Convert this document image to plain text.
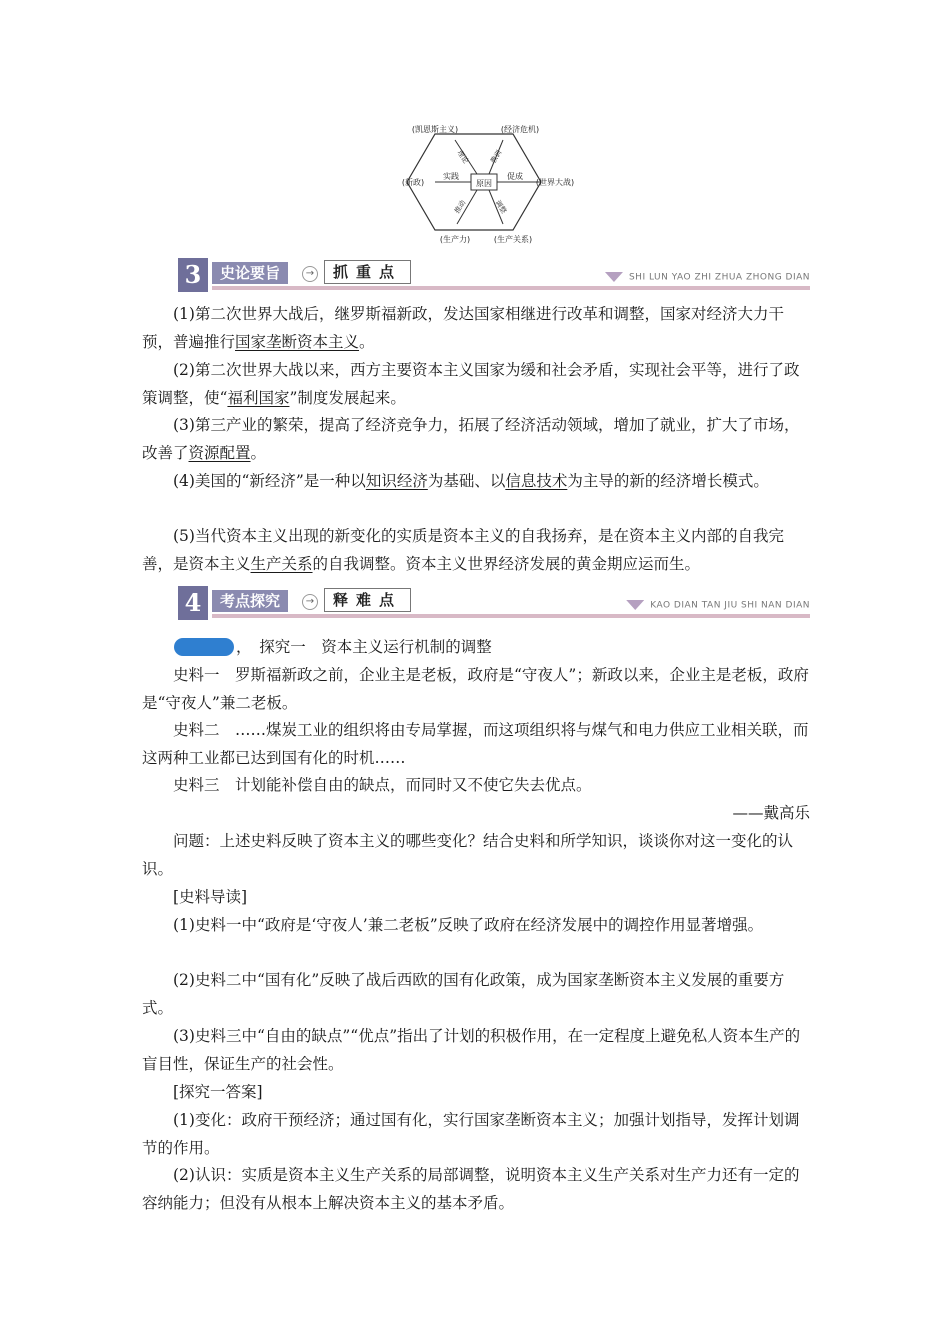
原因
(凯恩斯主义)	(经济危机)
(新政)	(世界大战)
(生产力)	(生产关系)
理论	教训
实践	促成
推动	调整
3	史论要旨	→	抓重点	SHI LUN YAO ZHI ZHUA ZHONG DIAN
(1)第二次世界大战后，继罗斯福新政，发达国家相继进行改革和调整，国家对经济大力干预，普遍推行国家垄断资本主义。
(2)第二次世界大战以来，西方主要资本主义国家为缓和社会矛盾，实现社会平等，进行了政策调整，使“福利国家”制度发展起来。
(3)第三产业的繁荣，提高了经济竞争力，拓展了经济活动领域，增加了就业，扩大了市场，改善了资源配置。
(4)美国的“新经济”是一种以知识经济为基础、以信息技术为主导的新的经济增长模式。
(5)当代资本主义出现的新变化的实质是资本主义的自我扬弃，是在资本主义内部的自我完善，是资本主义生产关系的自我调整。资本主义世界经济发展的黄金期应运而生。
4	考点探究	→	释难点	KAO DIAN TAN JIU SHI NAN DIAN
，　探究一　资本主义运行机制的调整
史料一　罗斯福新政之前，企业主是老板，政府是“守夜人”；新政以来，企业主是老板，政府是“守夜人”兼二老板。
史料二　……煤炭工业的组织将由专局掌握，而这项组织将与煤气和电力供应工业相关联，而这两种工业都已达到国有化的时机……
史料三　计划能补偿自由的缺点，而同时又不使它失去优点。
——戴高乐
问题：上述史料反映了资本主义的哪些变化？结合史料和所学知识，谈谈你对这一变化的认识。
[史料导读]
(1)史料一中“政府是‘守夜人’兼二老板”反映了政府在经济发展中的调控作用显著增强。
(2)史料二中“国有化”反映了战后西欧的国有化政策，成为国家垄断资本主义发展的重要方式。
(3)史料三中“自由的缺点”“优点”指出了计划的积极作用，在一定程度上避免私人资本生产的盲目性，保证生产的社会性。
[探究一答案]
(1)变化：政府干预经济；通过国有化，实行国家垄断资本主义；加强计划指导，发挥计划调节的作用。
(2)认识：实质是资本主义生产关系的局部调整，说明资本主义生产关系对生产力还有一定的容纳能力；但没有从根本上解决资本主义的基本矛盾。
